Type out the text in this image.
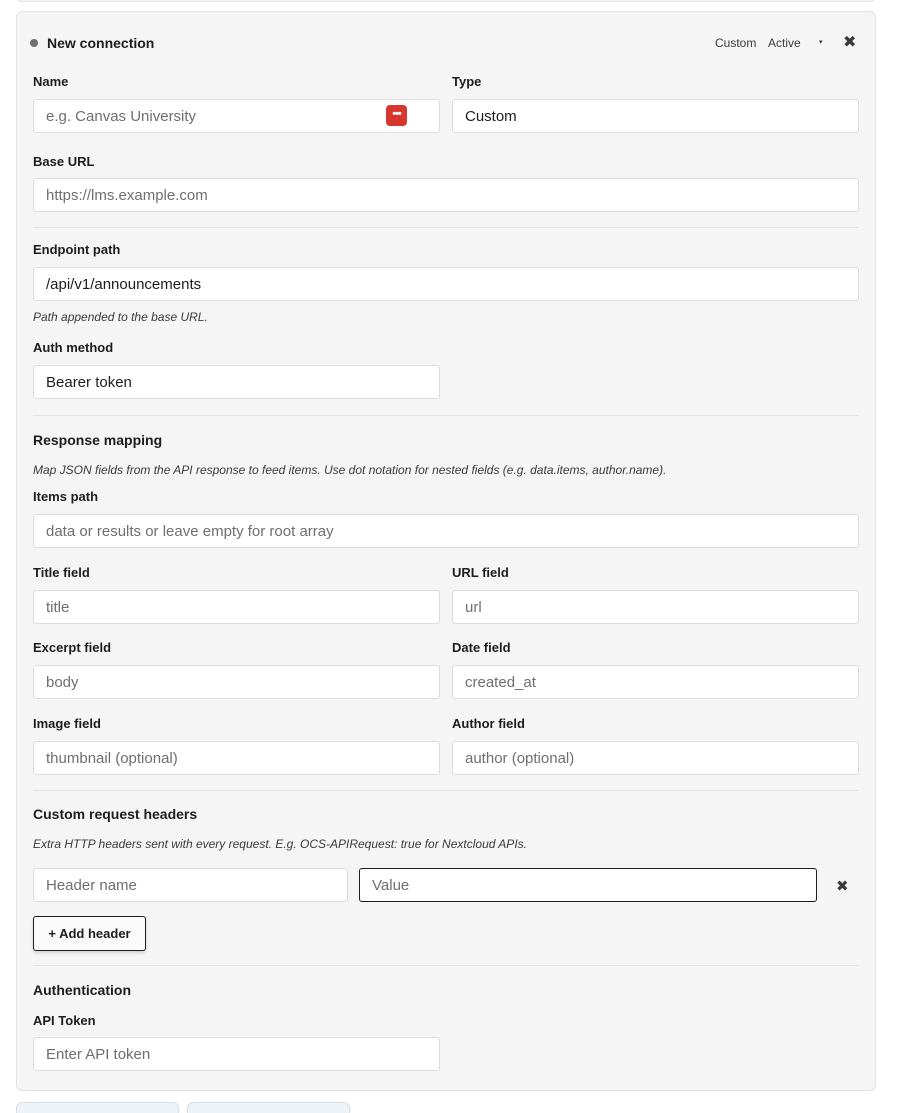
New connection	Custom Active	▾ ✖
Name
e.g. Canvas University
•••
Type
Custom
Base URL
https://lms.example.com
Endpoint path
/api/v1/announcements
Path appended to the base URL.
Auth method
Bearer token
Response mapping
Map JSON fields from the API response to feed items. Use dot notation for nested fields (e.g. data.items, author.name).
Items path
data or results or leave empty for root array
Title field
title	URL field
url
Excerpt field
body	Date field
created_at
Image field
thumbnail (optional)	Author field
author (optional)
Custom request headers
Extra HTTP headers sent with every request. E.g. OCS-APIRequest: true for Nextcloud APIs.
Header name
Value
✖
+ Add header
Authentication
API Token
Enter API token
